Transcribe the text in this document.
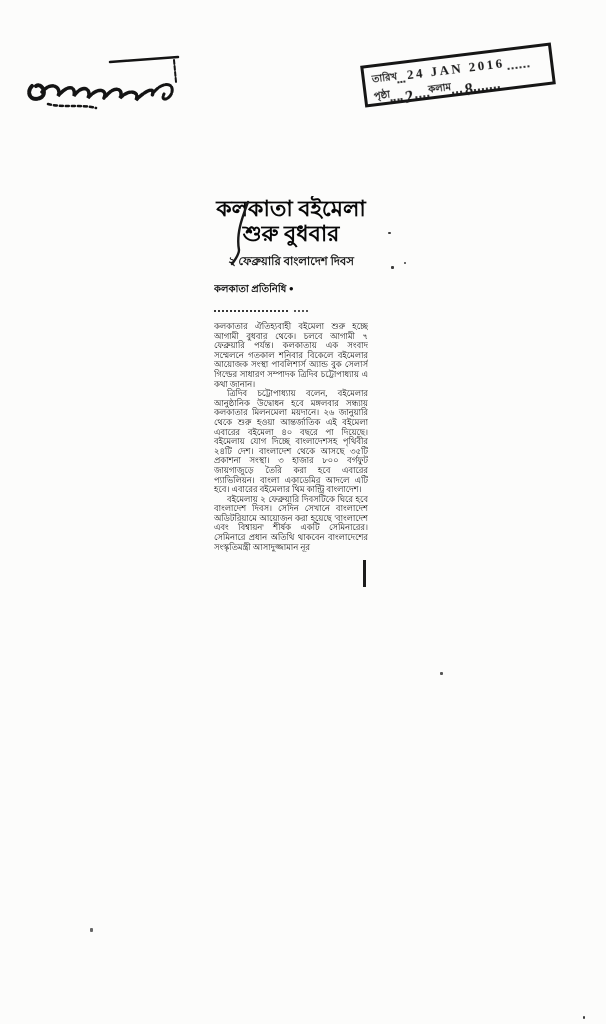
তারিখ 24 JAN 2016
পৃষ্ঠা 2 কলাম 8
কলকাতা বইমেলা
শুরু বুধবার
২ ফেব্রুয়ারি বাংলাদেশ দিবস
কলকাতা প্রতিনিধি ●

কলকাতার ঐতিহ্যবাহী বইমেলা শুরু হচ্ছে আগামী বুধবার থেকে। চলবে আগামী ৭ ফেব্রুয়ারি পর্যন্ত। কলকাতায় এক সংবাদ সম্মেলনে গতকাল শনিবার বিকেলে বইমেলার আয়োজক সংস্থা পাবলিশার্স অ্যান্ড বুক সেলার্স গিল্ডের সাধারণ সম্পাদক ত্রিদিব চট্টোপাধ্যায় এ কথা জানান।

ত্রিদিব চট্টোপাধ্যায় বলেন, বইমেলার আনুষ্ঠানিক উদ্বোধন হবে মঙ্গলবার সন্ধ্যায় কলকাতার মিলনমেলা ময়দানে। ২৬ জানুয়ারি থেকে শুরু হওয়া আন্তর্জাতিক এই বইমেলা এবারের বইমেলা ৪০ বছরে পা দিয়েছে। বইমেলায় যোগ দিচ্ছে বাংলাদেশসহ পৃথিবীর ২৪টি দেশ। বাংলাদেশ থেকে আসছে ৩৫টি প্রকাশনা সংস্থা। ৩ হাজার ৮০০ বর্গফুট জায়গাজুড়ে তৈরি করা হবে এবারের প্যাভিলিয়ন। বাংলা একাডেমির আদলে এটি হবে। এবারের বইমেলার থিম কান্ট্রি বাংলাদেশ।

বইমেলায় ২ ফেব্রুয়ারি দিবসটিকে ঘিরে হবে বাংলাদেশ দিবস। সেদিন সেখানে বাংলাদেশ অডিটরিয়ামে আয়োজন করা হয়েছে 'বাংলাদেশ এবং বিশ্বায়ন' শীর্ষক একটি সেমিনারের। সেমিনারে প্রধান অতিথি থাকবেন বাংলাদেশের সংস্কৃতিমন্ত্রী আসাদুজ্জামান নূর
